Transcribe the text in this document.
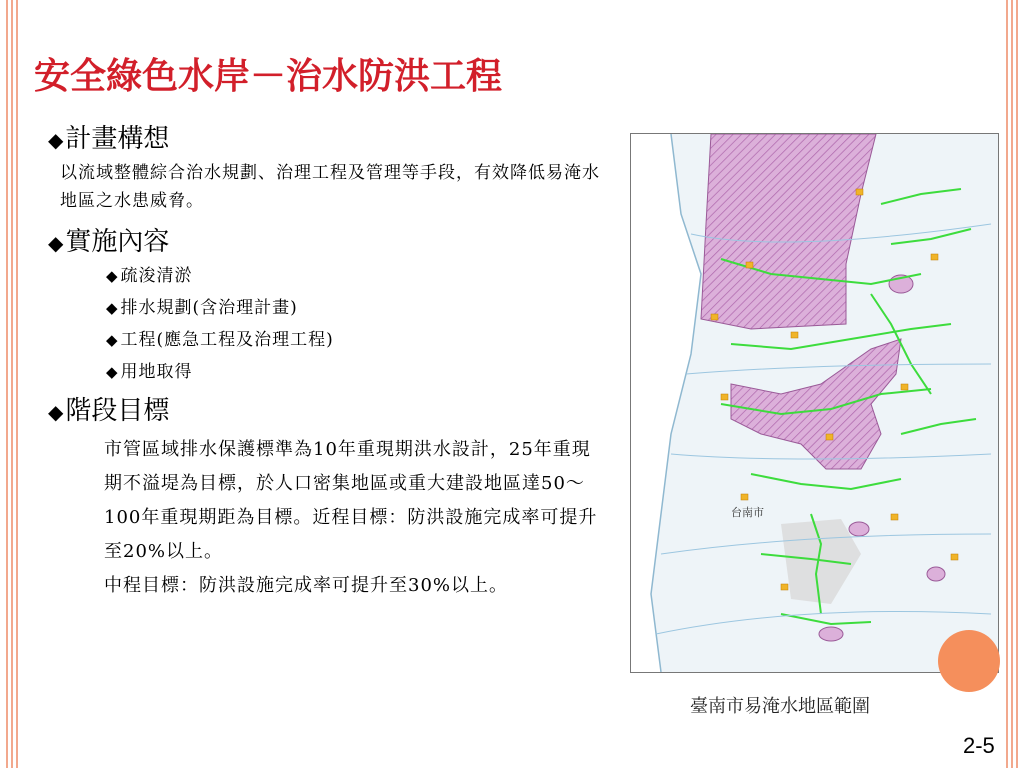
安全綠色水岸－治水防洪工程

◆計畫構想

以流域整體綜合治水規劃、治理工程及管理等手段，有效降低易淹水地區之水患威脅。

◆實施內容

◆ 疏浚清淤
◆ 排水規劃(含治理計畫)
◆ 工程(應急工程及治理工程)
◆ 用地取得

◆階段目標

市管區域排水保護標準為10年重現期洪水設計，25年重現期不溢堤為目標，於人口密集地區或重大建設地區達50～100年重現期距為目標。近程目標：防洪設施完成率可提升至20%以上。
中程目標：防洪設施完成率可提升至30%以上。
台南市
臺南市易淹水地區範圍
2-5
